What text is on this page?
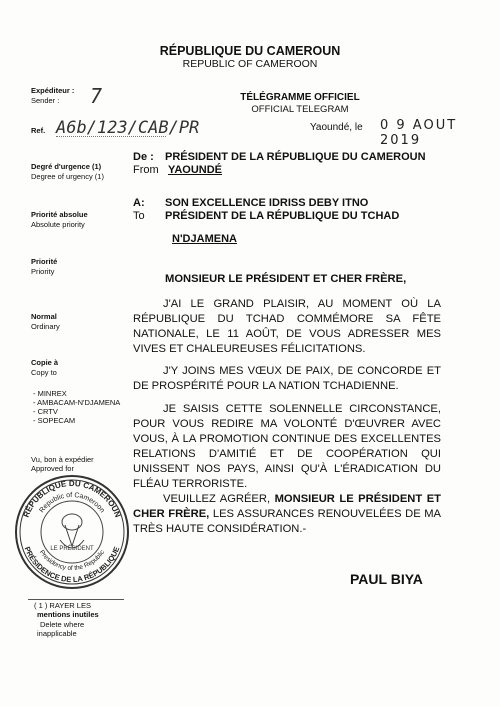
RÉPUBLIQUE DU CAMEROUN
REPUBLIC OF CAMEROON
TÉLÉGRAMME OFFICIEL
OFFICIAL TELEGRAM
Expéditeur :
Sender : 7
Ref. A6b/123/CAB/PR	Yaoundé, le 0 9 AOUT 2019
Degré d'urgence (1)
Degree of urgency (1)
De :
From
PRÉSIDENT DE LA RÉPUBLIQUE DU CAMEROUN
YAOUNDÉ
Priorité absolue
Absolute priority
A:
To
SON EXCELLENCE IDRISS DEBY ITNO
PRÉSIDENT DE LA RÉPUBLIQUE DU TCHAD
N'DJAMENA
Priorité
Priority
Normal
Ordinary
Copie à
Copy to
- MINREX
- AMBACAM-N'DJAMENA
- CRTV
- SOPECAM
Vu, bon à expédier
Approved for
RÉPUBLIQUE DU CAMEROUN
Republic of Cameroon
Presidency of the Republic
PRÉSIDENCE DE LA RÉPUBLIQUE
LE PRÉSIDENT
( 1 ) RAYER LES
mentions inutiles
Delete where
inapplicable
MONSIEUR LE PRÉSIDENT ET CHER FRÈRE,
J'AI LE GRAND PLAISIR, AU MOMENT OÙ LA RÉPUBLIQUE DU TCHAD COMMÉMORE SA FÊTE NATIONALE, LE 11 AOÛT, DE VOUS ADRESSER MES VIVES ET CHALEUREUSES FÉLICITATIONS.
J'Y JOINS MES VŒUX DE PAIX, DE CONCORDE ET DE PROSPÉRITÉ POUR LA NATION TCHADIENNE.
JE SAISIS CETTE SOLENNELLE CIRCONSTANCE, POUR VOUS REDIRE MA VOLONTÉ D'ŒUVRER AVEC VOUS, À LA PROMOTION CONTINUE DES EXCELLENTES RELATIONS D'AMITIÉ ET DE COOPÉRATION QUI UNISSENT NOS PAYS, AINSI QU'À L'ÉRADICATION DU FLÉAU TERRORISTE.
VEUILLEZ AGRÉER, MONSIEUR LE PRÉSIDENT ET CHER FRÈRE, LES ASSURANCES RENOUVELÉES DE MA TRÈS HAUTE CONSIDÉRATION.-
PAUL BIYA
